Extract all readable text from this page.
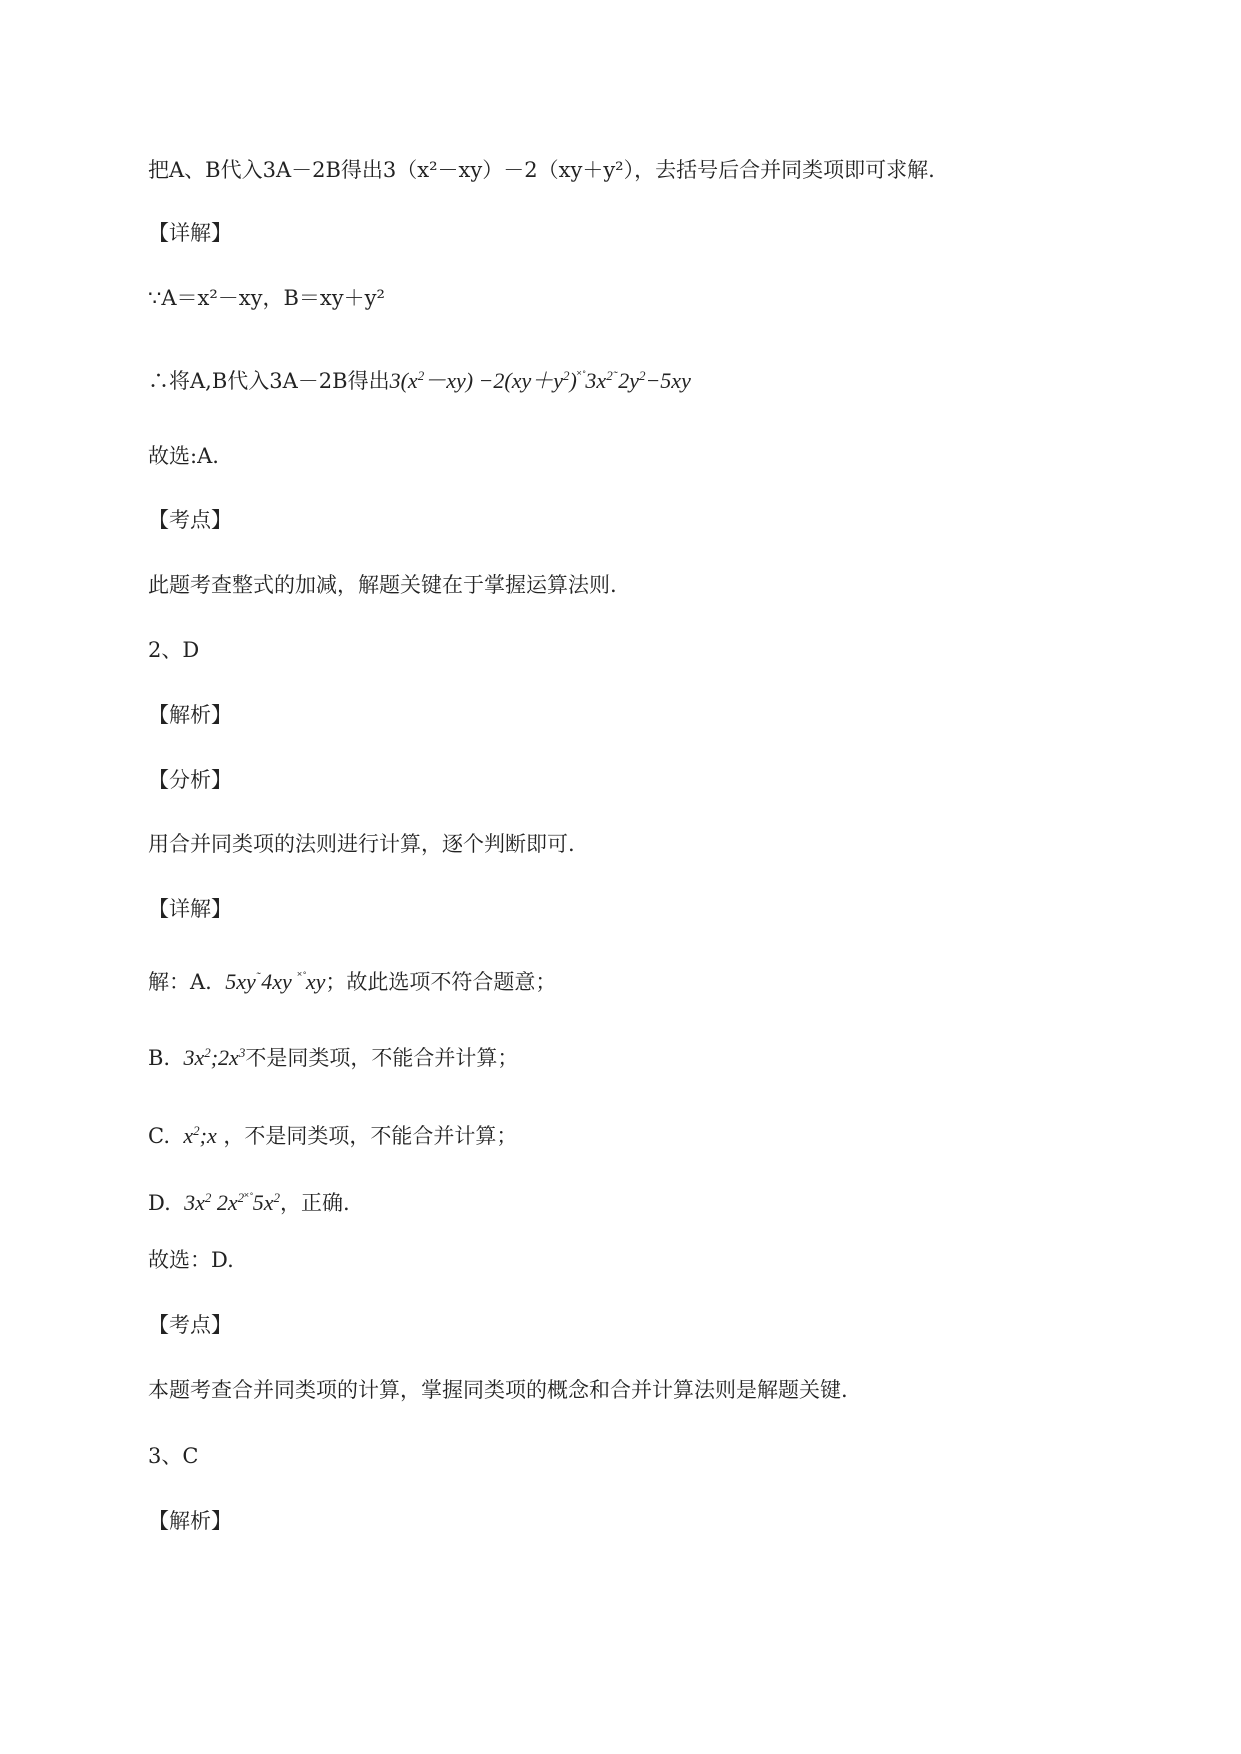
把A、B代入3A－2B得出3（x²－xy）－2（xy＋y²），去括号后合并同类项即可求解.
【详解】
∵A＝x²－xy，B＝xy＋y²
∴将A,B代入3A－2B得出$3(x^2-xy) -2(xy+y^2)^{˟˚}3x^{2̃}$ $2y^2-5xy$
故选:A.
【考点】
此题考查整式的加减，解题关键在于掌握运算法则.
2、D
【解析】
【分析】
用合并同类项的法则进行计算，逐个判断即可.
【详解】
解：A. 5xy 4xy ˟˚xy；故此选项不符合题意；
B. $3x^2;2x^3$不是同类项，不能合并计算；
C. $x^2;x$ ，不是同类项，不能合并计算；
D. $3x^2$ $2x^{2˟˚}5x^2$，正确.
故选：D.
【考点】
本题考查合并同类项的计算，掌握同类项的概念和合并计算法则是解题关键.
3、C
【解析】
